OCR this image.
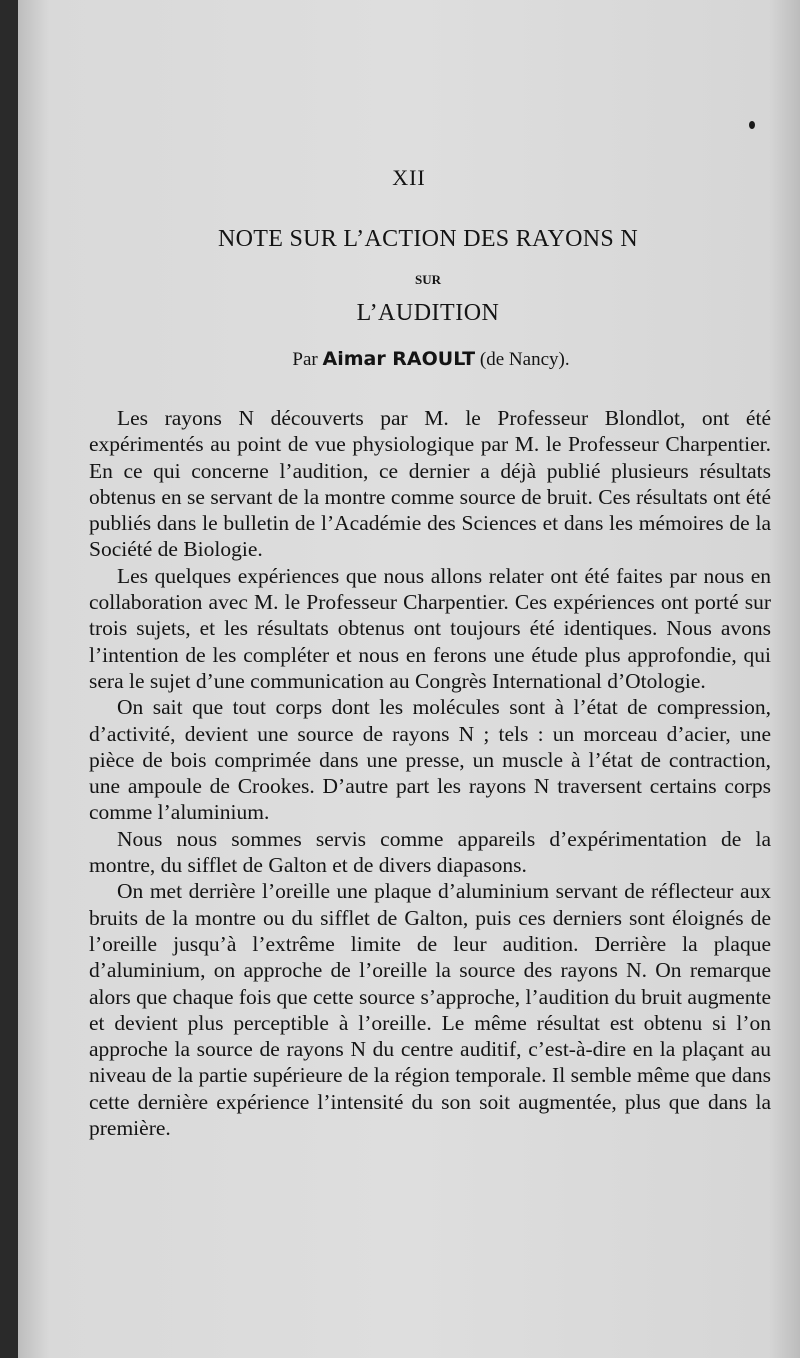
XII
NOTE SUR L’ACTION DES RAYONS N
SUR
L’AUDITION
Par Aimar RAOULT (de Nancy).

Les rayons N découverts par M. le Professeur Blondlot, ont été expérimentés au point de vue physiologique par M. le Professeur Charpentier. En ce qui concerne l’audition, ce dernier a déjà publié plusieurs résultats obtenus en se servant de la montre comme source de bruit. Ces résultats ont été publiés dans le bulletin de l’Académie des Sciences et dans les mémoires de la Société de Biologie.

Les quelques expériences que nous allons relater ont été faites par nous en collaboration avec M. le Professeur Charpentier. Ces expériences ont porté sur trois sujets, et les résultats obtenus ont toujours été identiques. Nous avons l’intention de les compléter et nous en ferons une étude plus approfondie, qui sera le sujet d’une communication au Congrès International d’Otologie.

On sait que tout corps dont les molécules sont à l’état de compression, d’activité, devient une source de rayons N ; tels : un morceau d’acier, une pièce de bois comprimée dans une presse, un muscle à l’état de contraction, une ampoule de Crookes. D’autre part les rayons N traversent certains corps comme l’aluminium.

Nous nous sommes servis comme appareils d’expérimentation de la montre, du sifflet de Galton et de divers diapasons.

On met derrière l’oreille une plaque d’aluminium servant de réflecteur aux bruits de la montre ou du sifflet de Galton, puis ces derniers sont éloignés de l’oreille jusqu’à l’extrême limite de leur audition. Derrière la plaque d’aluminium, on approche de l’oreille la source des rayons N. On remarque alors que chaque fois que cette source s’approche, l’audition du bruit augmente et devient plus perceptible à l’oreille. Le même résultat est obtenu si l’on approche la source de rayons N du centre auditif, c’est-à-dire en la plaçant au niveau de la partie supérieure de la région temporale. Il semble même que dans cette dernière expérience l’intensité du son soit augmentée, plus que dans la première.
